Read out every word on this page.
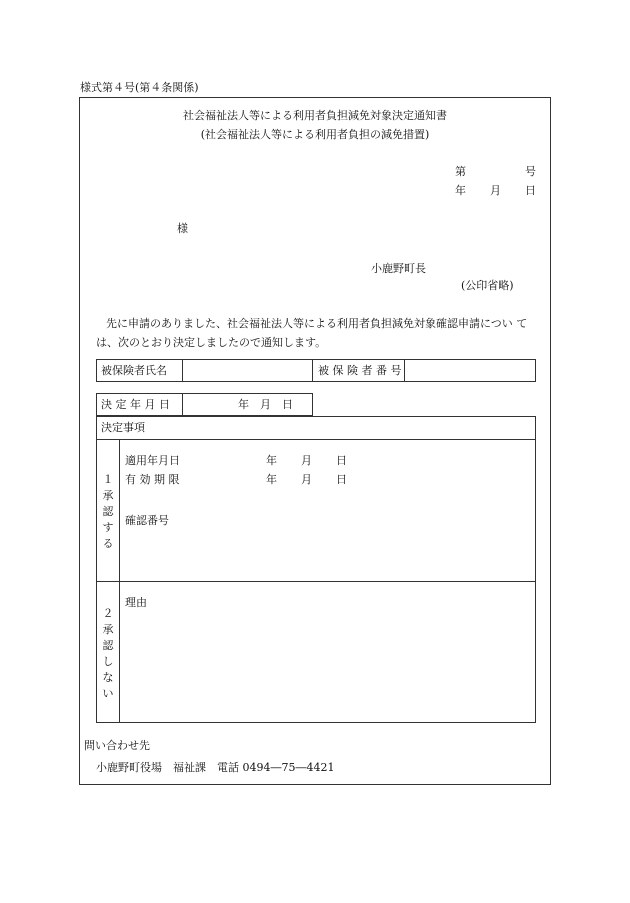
様式第４号(第４条関係)
社会福祉法人等による利用者負担減免対象決定通知書
(社会福祉法人等による利用者負担の減免措置)
第	号
年 月 日
様
小鹿野町長
(公印省略)
先に申請のありました、社会福祉法人等による利用者負担減免対象確認申請につい て
は、次のとおり決定しましたので通知します。
被保険者氏名	被 保 険 者 番 号
決 定 年 月 日	年　月　日
決定事項
１承認する
適用年月日	年 月 日
有 効 期 限	年 月 日
確認番号
２承認しない
理由
問い合わせ先
小鹿野町役場　福祉課　電話 0494―75―4421
